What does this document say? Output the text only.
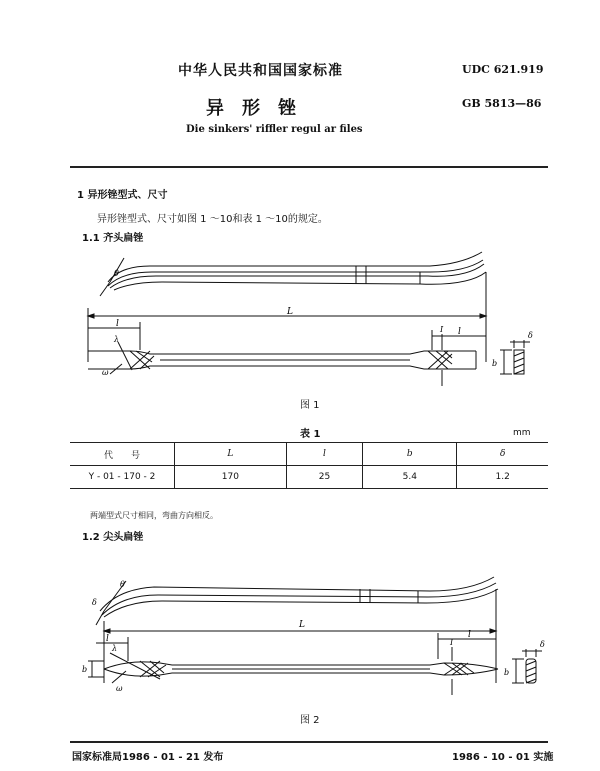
中华人民共和国国家标准	UDC 621.919
GB 5813—86
异　形　锉
Die sinkers' riffler regul ar files
1 异形锉型式、尺寸
异形锉型式、尺寸如图 1 ～10和表 1 ～10的规定。
1.1 齐头扁锉
θ
L
l
l
λ
ω
b
δ
I
图 1
表 1	mm
代　　号	L	l	b	δ
Y - 01 - 170 - 2	170	25	5.4	1.2
两端型式尺寸相同，弯曲方向相反。
1.2 尖头扁锉
θ
δ
L
l	l
λ
ω
b	b
δ
I
图 2
国家标准局1986 - 01 - 21 发布	1986 - 10 - 01 实施
